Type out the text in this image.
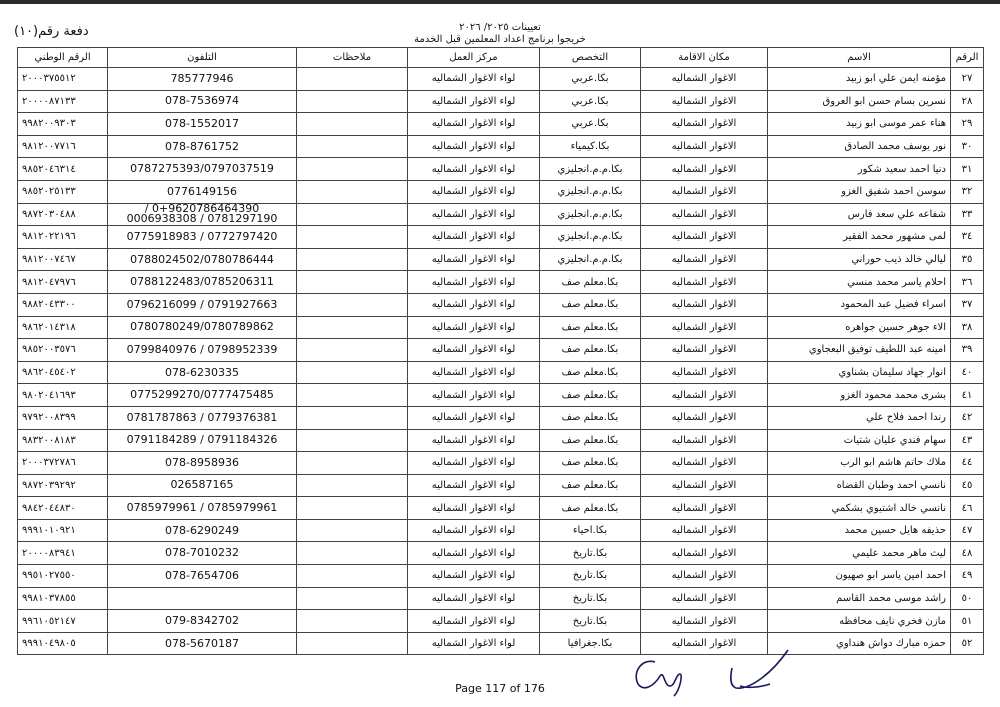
تعيينات ٢٠٢٥/ ٢٠٢٦
خريجوا برنامج اعداد المعلمين قبل الخدمة
دفعة رقم(١٠)
الرقم	الاسم	مكان الاقامة	التخصص	مركز العمل	ملاحظات	التلفون	الرقم الوطني
٢٧	مؤمنه ايمن علي ابو زبيد	الاغوار الشماليه	بكا.عربي	لواء الاغوار الشماليه		785777946	٢٠٠٠٣٧٥٥١٢
٢٨	نسرين بسام حسن ابو العروق	الاغوار الشماليه	بكا.عربي	لواء الاغوار الشماليه		078-7536974	٢٠٠٠٠٨٧١٣٣
٢٩	هناء عمر موسى ابو زبيد	الاغوار الشماليه	بكا.عربي	لواء الاغوار الشماليه		078-1552017	٩٩٨٢٠٠٩٣٠٣
٣٠	نور يوسف محمد الصادق	الاغوار الشماليه	بكا.كيمياء	لواء الاغوار الشماليه		078-8761752	٩٨١٢٠٠٧٧١٦
٣١	دنيا احمد سعيد شكور	الاغوار الشماليه	بكا.م.م.انجليزي	لواء الاغوار الشماليه		0787275393/0797037519	٩٨٥٢٠٤٦٣١٤
٣٢	سوسن احمد شفيق الغزو	الاغوار الشماليه	بكا.م.م.انجليزي	لواء الاغوار الشماليه		0776149156	٩٨٥٢٠٢٥١٣٣
٣٣	شفاعه علي سعد فارس	الاغوار الشماليه	بكا.م.م.انجليزي	لواء الاغوار الشماليه		0+9620786464390 / 0781297190 / 0006938308	٩٨٧٢٠٣٠٤٨٨
٣٤	لمى مشهور محمد الفقير	الاغوار الشماليه	بكا.م.م.انجليزي	لواء الاغوار الشماليه		0772797420 / 0775918983	٩٨١٢٠٢٢١٩٦
٣٥	ليالي خالد ذيب حوراني	الاغوار الشماليه	بكا.م.م.انجليزي	لواء الاغوار الشماليه		0788024502/0780786444	٩٨١٢٠٠٧٤٦٧
٣٦	احلام ياسر محمد منسي	الاغوار الشماليه	بكا.معلم صف	لواء الاغوار الشماليه		0788122483/0785206311	٩٨١٢٠٤٧٩٧٦
٣٧	اسراء فضيل عبد المحمود	الاغوار الشماليه	بكا.معلم صف	لواء الاغوار الشماليه		0791927663 / 0796216099	٩٨٨٢٠٤٣٣٠٠
٣٨	الاء جوهر حسين جواهره	الاغوار الشماليه	بكا.معلم صف	لواء الاغوار الشماليه		0780780249/0780789862	٩٨٦٢٠١٤٣١٨
٣٩	امينه عبد اللطيف توفيق البعجاوي	الاغوار الشماليه	بكا.معلم صف	لواء الاغوار الشماليه		0798952339 / 0799840976	٩٨٥٢٠٠٣٥٧٦
٤٠	انوار جهاد سليمان بشناوي	الاغوار الشماليه	بكا.معلم صف	لواء الاغوار الشماليه		078-6230335	٩٨٦٢٠٤٥٤٠٢
٤١	بشرى محمد محمود الغزو	الاغوار الشماليه	بكا.معلم صف	لواء الاغوار الشماليه		0775299270/0777475485	٩٨٠٢٠٤١٦٩٣
٤٢	رندا احمد فلاح علي	الاغوار الشماليه	بكا.معلم صف	لواء الاغوار الشماليه		0779376381 / 0781787863	٩٧٩٢٠٠٨٣٩٩
٤٣	سهام فندي عليان شتيات	الاغوار الشماليه	بكا.معلم صف	لواء الاغوار الشماليه		0791184326 / 0791184289	٩٨٣٢٠٠٨١٨٣
٤٤	ملاك حاتم هاشم ابو الرب	الاغوار الشماليه	بكا.معلم صف	لواء الاغوار الشماليه		078-8958936	٢٠٠٠٣٧٢٧٨٦
٤٥	نانسي احمد وطبان القضاه	الاغوار الشماليه	بكا.معلم صف	لواء الاغوار الشماليه		026587165	٩٨٧٢٠٣٩٢٩٢
٤٦	نانسي خالد اشتيوي بشكمي	الاغوار الشماليه	بكا.معلم صف	لواء الاغوار الشماليه		0785979961 / 0785979961	٩٨٤٢٠٤٤٨٣٠
٤٧	حذيفه هايل حسين محمد	الاغوار الشماليه	بكا.احياء	لواء الاغوار الشماليه		078-6290249	٩٩٩١٠١٠٩٢١
٤٨	ليث ماهر محمد عليمي	الاغوار الشماليه	بكا.تاريخ	لواء الاغوار الشماليه		078-7010232	٢٠٠٠٠٨٣٩٤١
٤٩	احمد امين ياسر ابو صهيون	الاغوار الشماليه	بكا.تاريخ	لواء الاغوار الشماليه		078-7654706	٩٩٥١٠٢٧٥٥٠
٥٠	راشد موسى محمد القاسم	الاغوار الشماليه	بكا.تاريخ	لواء الاغوار الشماليه			٩٩٨١٠٣٧٨٥٥
٥١	مازن فخري نايف محافظه	الاغوار الشماليه	بكا.تاريخ	لواء الاغوار الشماليه		079-8342702	٩٩٦١٠٥٢١٤٧
٥٢	حمزه مبارك دواش هنداوي	الاغوار الشماليه	بكا.جغرافيا	لواء الاغوار الشماليه		078-5670187	٩٩٩١٠٤٩٨٠٥
Page 117 of 176
